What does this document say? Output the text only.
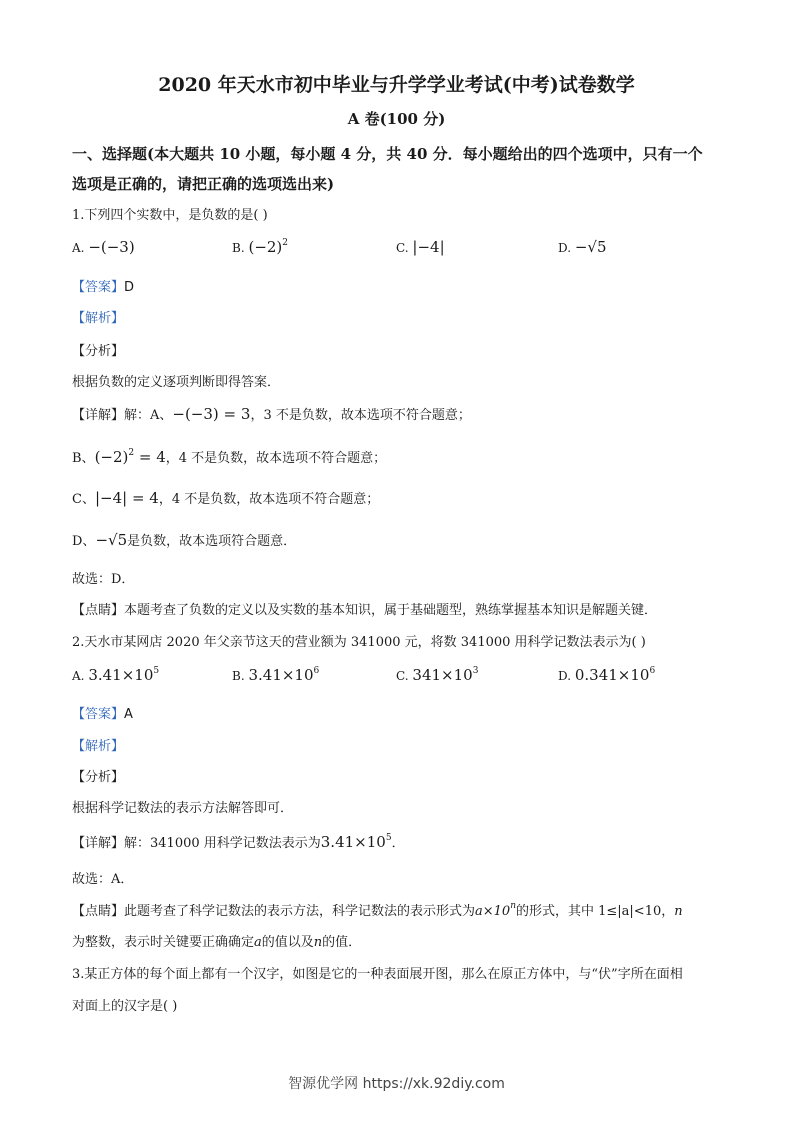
2020 年天水市初中毕业与升学学业考试(中考)试卷数学
A 卷(100 分)
一、选择题(本大题共 10 小题，每小题 4 分，共 40 分．每小题给出的四个选项中，只有一个
选项是正确的，请把正确的选项选出来)
1.下列四个实数中，是负数的是( )
A. −(−3)	B. $(-2)^2$	C. |−4|	D. −√5
【答案】D
【解析】
【分析】
根据负数的定义逐项判断即得答案．
【详解】解：A、−(−3) = 3，3 不是负数，故本选项不符合题意；
B、$(-2)^2 = 4$，4 不是负数，故本选项不符合题意；
C、|−4| = 4，4 不是负数，故本选项不符合题意；
D、−√5是负数，故本选项符合题意．
故选：D．
【点睛】本题考查了负数的定义以及实数的基本知识，属于基础题型，熟练掌握基本知识是解题关键．
2.天水市某网店 2020 年父亲节这天的营业额为 341000 元，将数 341000 用科学记数法表示为( )
A. $3.41\times 10^5$	B. $3.41\times 10^6$	C. $341\times 10^3$	D. $0.341\times 10^6$
【答案】A
【解析】
【分析】
根据科学记数法的表示方法解答即可．
【详解】解：341000 用科学记数法表示为$3.41\times 10^5$．
故选：A．
【点睛】此题考查了科学记数法的表示方法，科学记数法的表示形式为$a\times 10^n$的形式，其中 1≤|a|<10，n
为整数，表示时关键要正确确定a的值以及n的值．
3.某正方体的每个面上都有一个汉字，如图是它的一种表面展开图，那么在原正方体中，与“伏”字所在面相
对面上的汉字是( )
智源优学网 https://xk.92diy.com
